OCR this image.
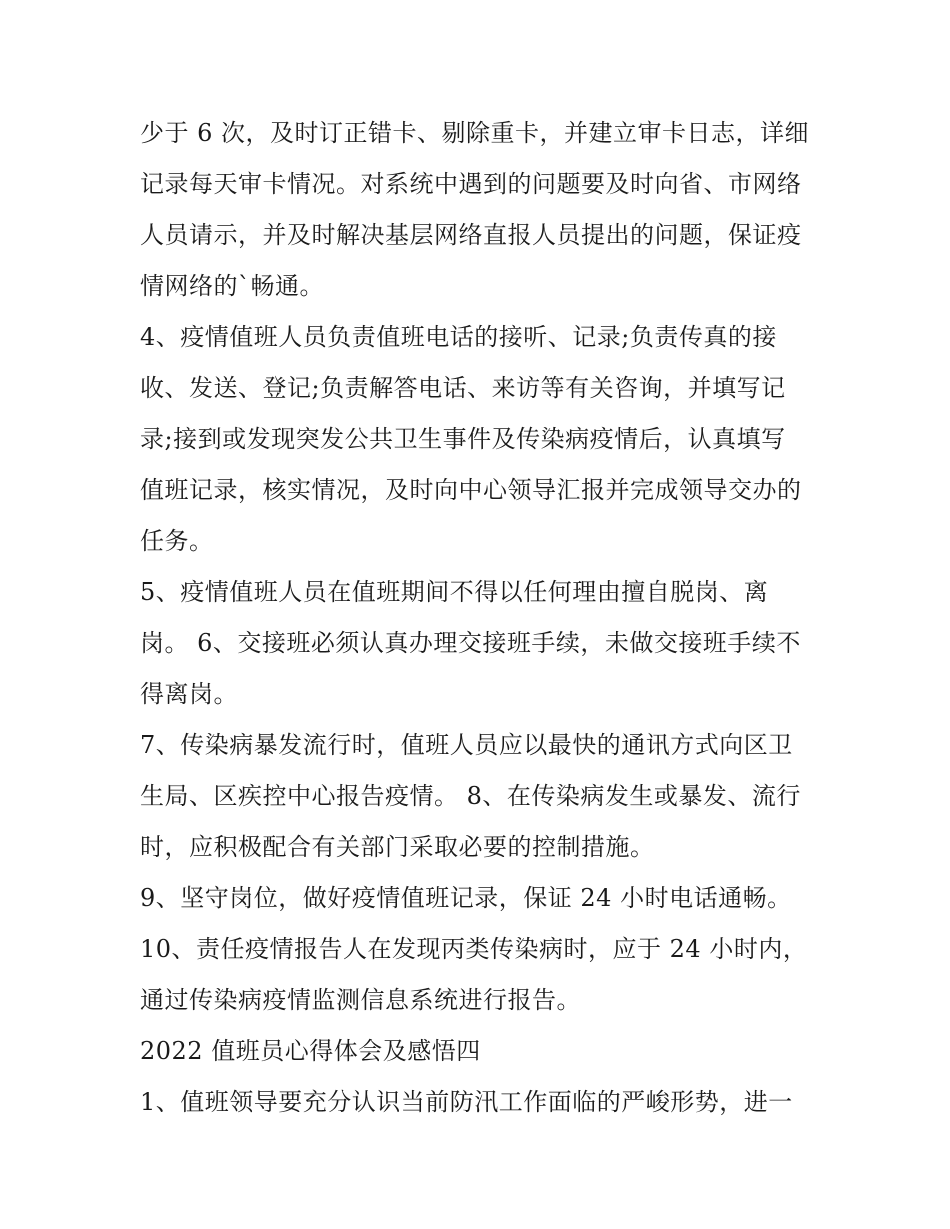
少于 6 次，及时订正错卡、剔除重卡，并建立审卡日志，详细
记录每天审卡情况。对系统中遇到的问题要及时向省、市网络
人员请示，并及时解决基层网络直报人员提出的问题，保证疫
情网络的`畅通。
4、疫情值班人员负责值班电话的接听、记录;负责传真的接
收、发送、登记;负责解答电话、来访等有关咨询，并填写记
录;接到或发现突发公共卫生事件及传染病疫情后，认真填写
值班记录，核实情况，及时向中心领导汇报并完成领导交办的
任务。
5、疫情值班人员在值班期间不得以任何理由擅自脱岗、离
岗。 6、交接班必须认真办理交接班手续，未做交接班手续不
得离岗。
7、传染病暴发流行时，值班人员应以最快的通讯方式向区卫
生局、区疾控中心报告疫情。 8、在传染病发生或暴发、流行
时，应积极配合有关部门采取必要的控制措施。
9、坚守岗位，做好疫情值班记录，保证 24 小时电话通畅。
10、责任疫情报告人在发现丙类传染病时，应于 24 小时内，
通过传染病疫情监测信息系统进行报告。
2022 值班员心得体会及感悟四
1、值班领导要充分认识当前防汛工作面临的严峻形势，进一
